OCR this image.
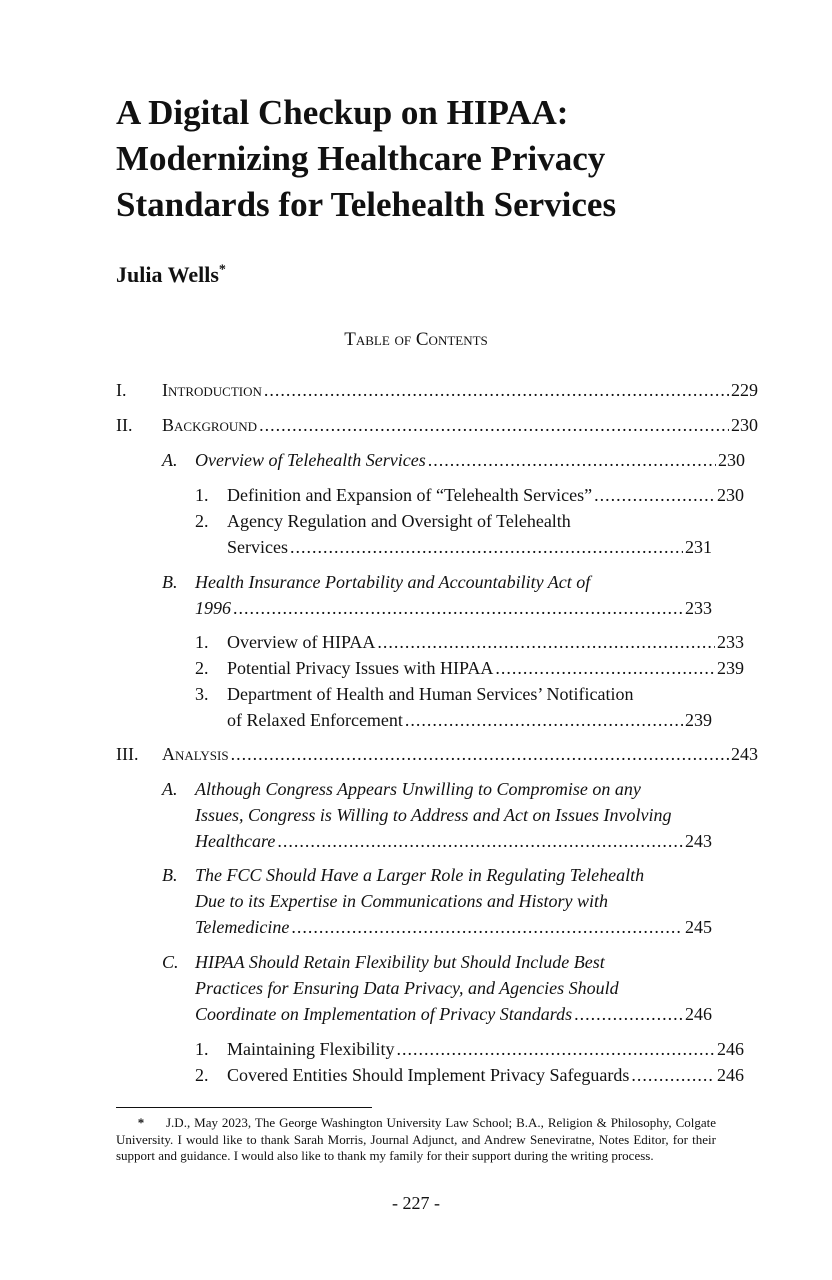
A Digital Checkup on HIPAA:
Modernizing Healthcare Privacy
Standards for Telehealth Services

Julia Wells*

Table of Contents

I. Introduction .....	229
II. Background .....	230
A. Overview of Telehealth Services .....	230
1. Definition and Expansion of “Telehealth Services” .....	230
2. Agency Regulation and Oversight of Telehealth
Services .....	231
B. Health Insurance Portability and Accountability Act of
1996 .....	233
1. Overview of HIPAA .....	233
2. Potential Privacy Issues with HIPAA .....	239
3. Department of Health and Human Services’ Notification
of Relaxed Enforcement .....	239
III. Analysis .....	243
A. Although Congress Appears Unwilling to Compromise on any
Issues, Congress is Willing to Address and Act on Issues Involving
Healthcare .....	243
B. The FCC Should Have a Larger Role in Regulating Telehealth
Due to its Expertise in Communications and History with
Telemedicine .....	245
C. HIPAA Should Retain Flexibility but Should Include Best
Practices for Ensuring Data Privacy, and Agencies Should
Coordinate on Implementation of Privacy Standards .....	246
1. Maintaining Flexibility .....	246
2. Covered Entities Should Implement Privacy Safeguards .....	246

* J.D., May 2023, The George Washington University Law School; B.A., Religion & Philosophy, Colgate University. I would like to thank Sarah Morris, Journal Adjunct, and Andrew Seneviratne, Notes Editor, for their support and guidance. I would also like to thank my family for their support during the writing process.

- 227 -
